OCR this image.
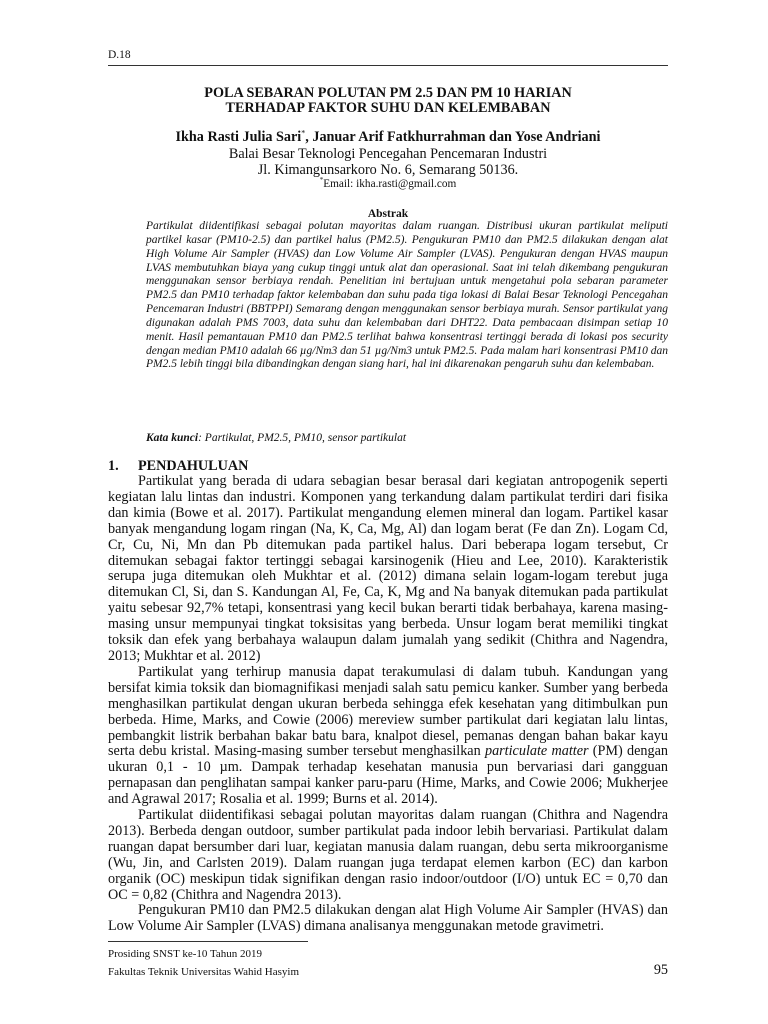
D.18
POLA SEBARAN POLUTAN PM 2.5 DAN PM 10 HARIAN
TERHADAP FAKTOR SUHU DAN KELEMBABAN
Ikha Rasti Julia Sari*, Januar Arif Fatkhurrahman dan Yose Andriani
Balai Besar Teknologi Pencegahan Pencemaran Industri
Jl. Kimangunsarkoro No. 6, Semarang 50136.
*Email: ikha.rasti@gmail.com
Abstrak

Partikulat diidentifikasi sebagai polutan mayoritas dalam ruangan. Distribusi ukuran partikulat meliputi partikel kasar (PM10-2.5) dan partikel halus (PM2.5). Pengukuran PM10 dan PM2.5 dilakukan dengan alat High Volume Air Sampler (HVAS) dan Low Volume Air Sampler (LVAS). Pengukuran dengan HVAS maupun LVAS membutuhkan biaya yang cukup tinggi untuk alat dan operasional. Saat ini telah dikembang pengukuran menggunakan sensor berbiaya rendah. Penelitian ini bertujuan untuk mengetahui pola sebaran parameter PM2.5 dan PM10 terhadap faktor kelembaban dan suhu pada tiga lokasi di Balai Besar Teknologi Pencegahan Pencemaran Industri (BBTPPI) Semarang dengan menggunakan sensor berbiaya murah. Sensor partikulat yang digunakan adalah PMS 7003, data suhu dan kelembaban dari DHT22. Data pembacaan disimpan setiap 10 menit. Hasil pemantauan PM10 dan PM2.5 terlihat bahwa konsentrasi tertinggi berada di lokasi pos security dengan median PM10 adalah 66 µg/Nm3 dan 51 µg/Nm3 untuk PM2.5. Pada malam hari konsentrasi PM10 dan PM2.5 lebih tinggi bila dibandingkan dengan siang hari, hal ini dikarenakan pengaruh suhu dan kelembaban.

Kata kunci: Partikulat, PM2.5, PM10, sensor partikulat
1. PENDAHULUAN

Partikulat yang berada di udara sebagian besar berasal dari kegiatan antropogenik seperti kegiatan lalu lintas dan industri. Komponen yang terkandung dalam partikulat terdiri dari fisika dan kimia (Bowe et al. 2017). Partikulat mengandung elemen mineral dan logam. Partikel kasar banyak mengandung logam ringan (Na, K, Ca, Mg, Al) dan logam berat (Fe dan Zn). Logam Cd, Cr, Cu, Ni, Mn dan Pb ditemukan pada partikel halus. Dari beberapa logam tersebut, Cr ditemukan sebagai faktor tertinggi sebagai karsinogenik (Hieu and Lee, 2010). Karakteristik serupa juga ditemukan oleh Mukhtar et al. (2012) dimana selain logam-logam terebut juga ditemukan Cl, Si, dan S. Kandungan Al, Fe, Ca, K, Mg and Na banyak ditemukan pada partikulat yaitu sebesar 92,7% tetapi, konsentrasi yang kecil bukan berarti tidak berbahaya, karena masing-masing unsur mempunyai tingkat toksisitas yang berbeda. Unsur logam berat memiliki tingkat toksik dan efek yang berbahaya walaupun dalam jumalah yang sedikit (Chithra and Nagendra, 2013; Mukhtar et al. 2012)

Partikulat yang terhirup manusia dapat terakumulasi di dalam tubuh. Kandungan yang bersifat kimia toksik dan biomagnifikasi menjadi salah satu pemicu kanker. Sumber yang berbeda menghasilkan partikulat dengan ukuran berbeda sehingga efek kesehatan yang ditimbulkan pun berbeda. Hime, Marks, and Cowie (2006) mereview sumber partikulat dari kegiatan lalu lintas, pembangkit listrik berbahan bakar batu bara, knalpot diesel, pemanas dengan bahan bakar kayu serta debu kristal. Masing-masing sumber tersebut menghasilkan particulate matter (PM) dengan ukuran 0,1 - 10 µm. Dampak terhadap kesehatan manusia pun bervariasi dari gangguan pernapasan dan penglihatan sampai kanker paru-paru (Hime, Marks, and Cowie 2006; Mukherjee and Agrawal 2017; Rosalia et al. 1999; Burns et al. 2014).

Partikulat diidentifikasi sebagai polutan mayoritas dalam ruangan (Chithra and Nagendra 2013). Berbeda dengan outdoor, sumber partikulat pada indoor lebih bervariasi. Partikulat dalam ruangan dapat bersumber dari luar, kegiatan manusia dalam ruangan, debu serta mikroorganisme (Wu, Jin, and Carlsten 2019). Dalam ruangan juga terdapat elemen karbon (EC) dan karbon organik (OC) meskipun tidak signifikan dengan rasio indoor/outdoor (I/O) untuk EC = 0,70 dan OC = 0,82 (Chithra and Nagendra 2013).

Pengukuran PM10 dan PM2.5 dilakukan dengan alat High Volume Air Sampler (HVAS) dan Low Volume Air Sampler (LVAS) dimana analisanya menggunakan metode gravimetri.

Prosiding SNST ke-10 Tahun 2019
Fakultas Teknik Universitas Wahid Hasyim	95
